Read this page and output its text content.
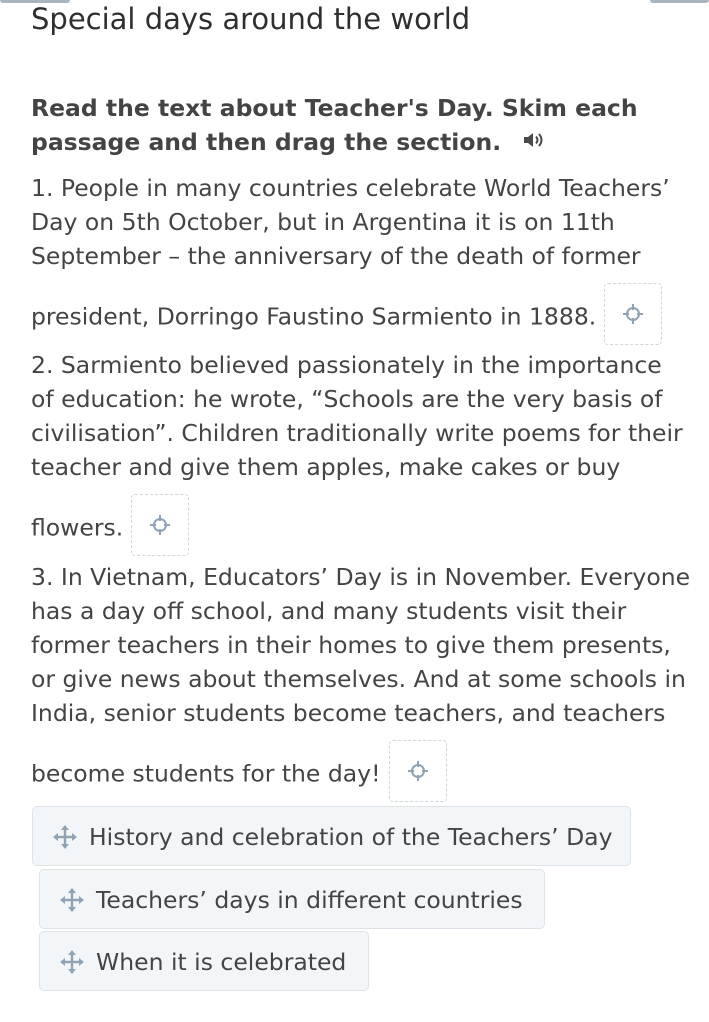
Special days around the world
Read the text about Teacher's Day. Skim each passage and then drag the section.
1. People in many countries celebrate World Teachers’ Day on 5th October, but in Argentina it is on 11th September – the anniversary of the death of former
president, Dorringo Faustino Sarmiento in 1888.
2. Sarmiento believed passionately in the importance of education: he wrote, “Schools are the very basis of civilisation”. Children traditionally write poems for their teacher and give them apples, make cakes or buy
flowers.
3. In Vietnam, Educators’ Day is in November. Everyone has a day off school, and many students visit their former teachers in their homes to give them presents, or give news about themselves. And at some schools in India, senior students become teachers, and teachers
become students for the day!
History and celebration of the Teachers’ Day
Teachers’ days in different countries
When it is celebrated
